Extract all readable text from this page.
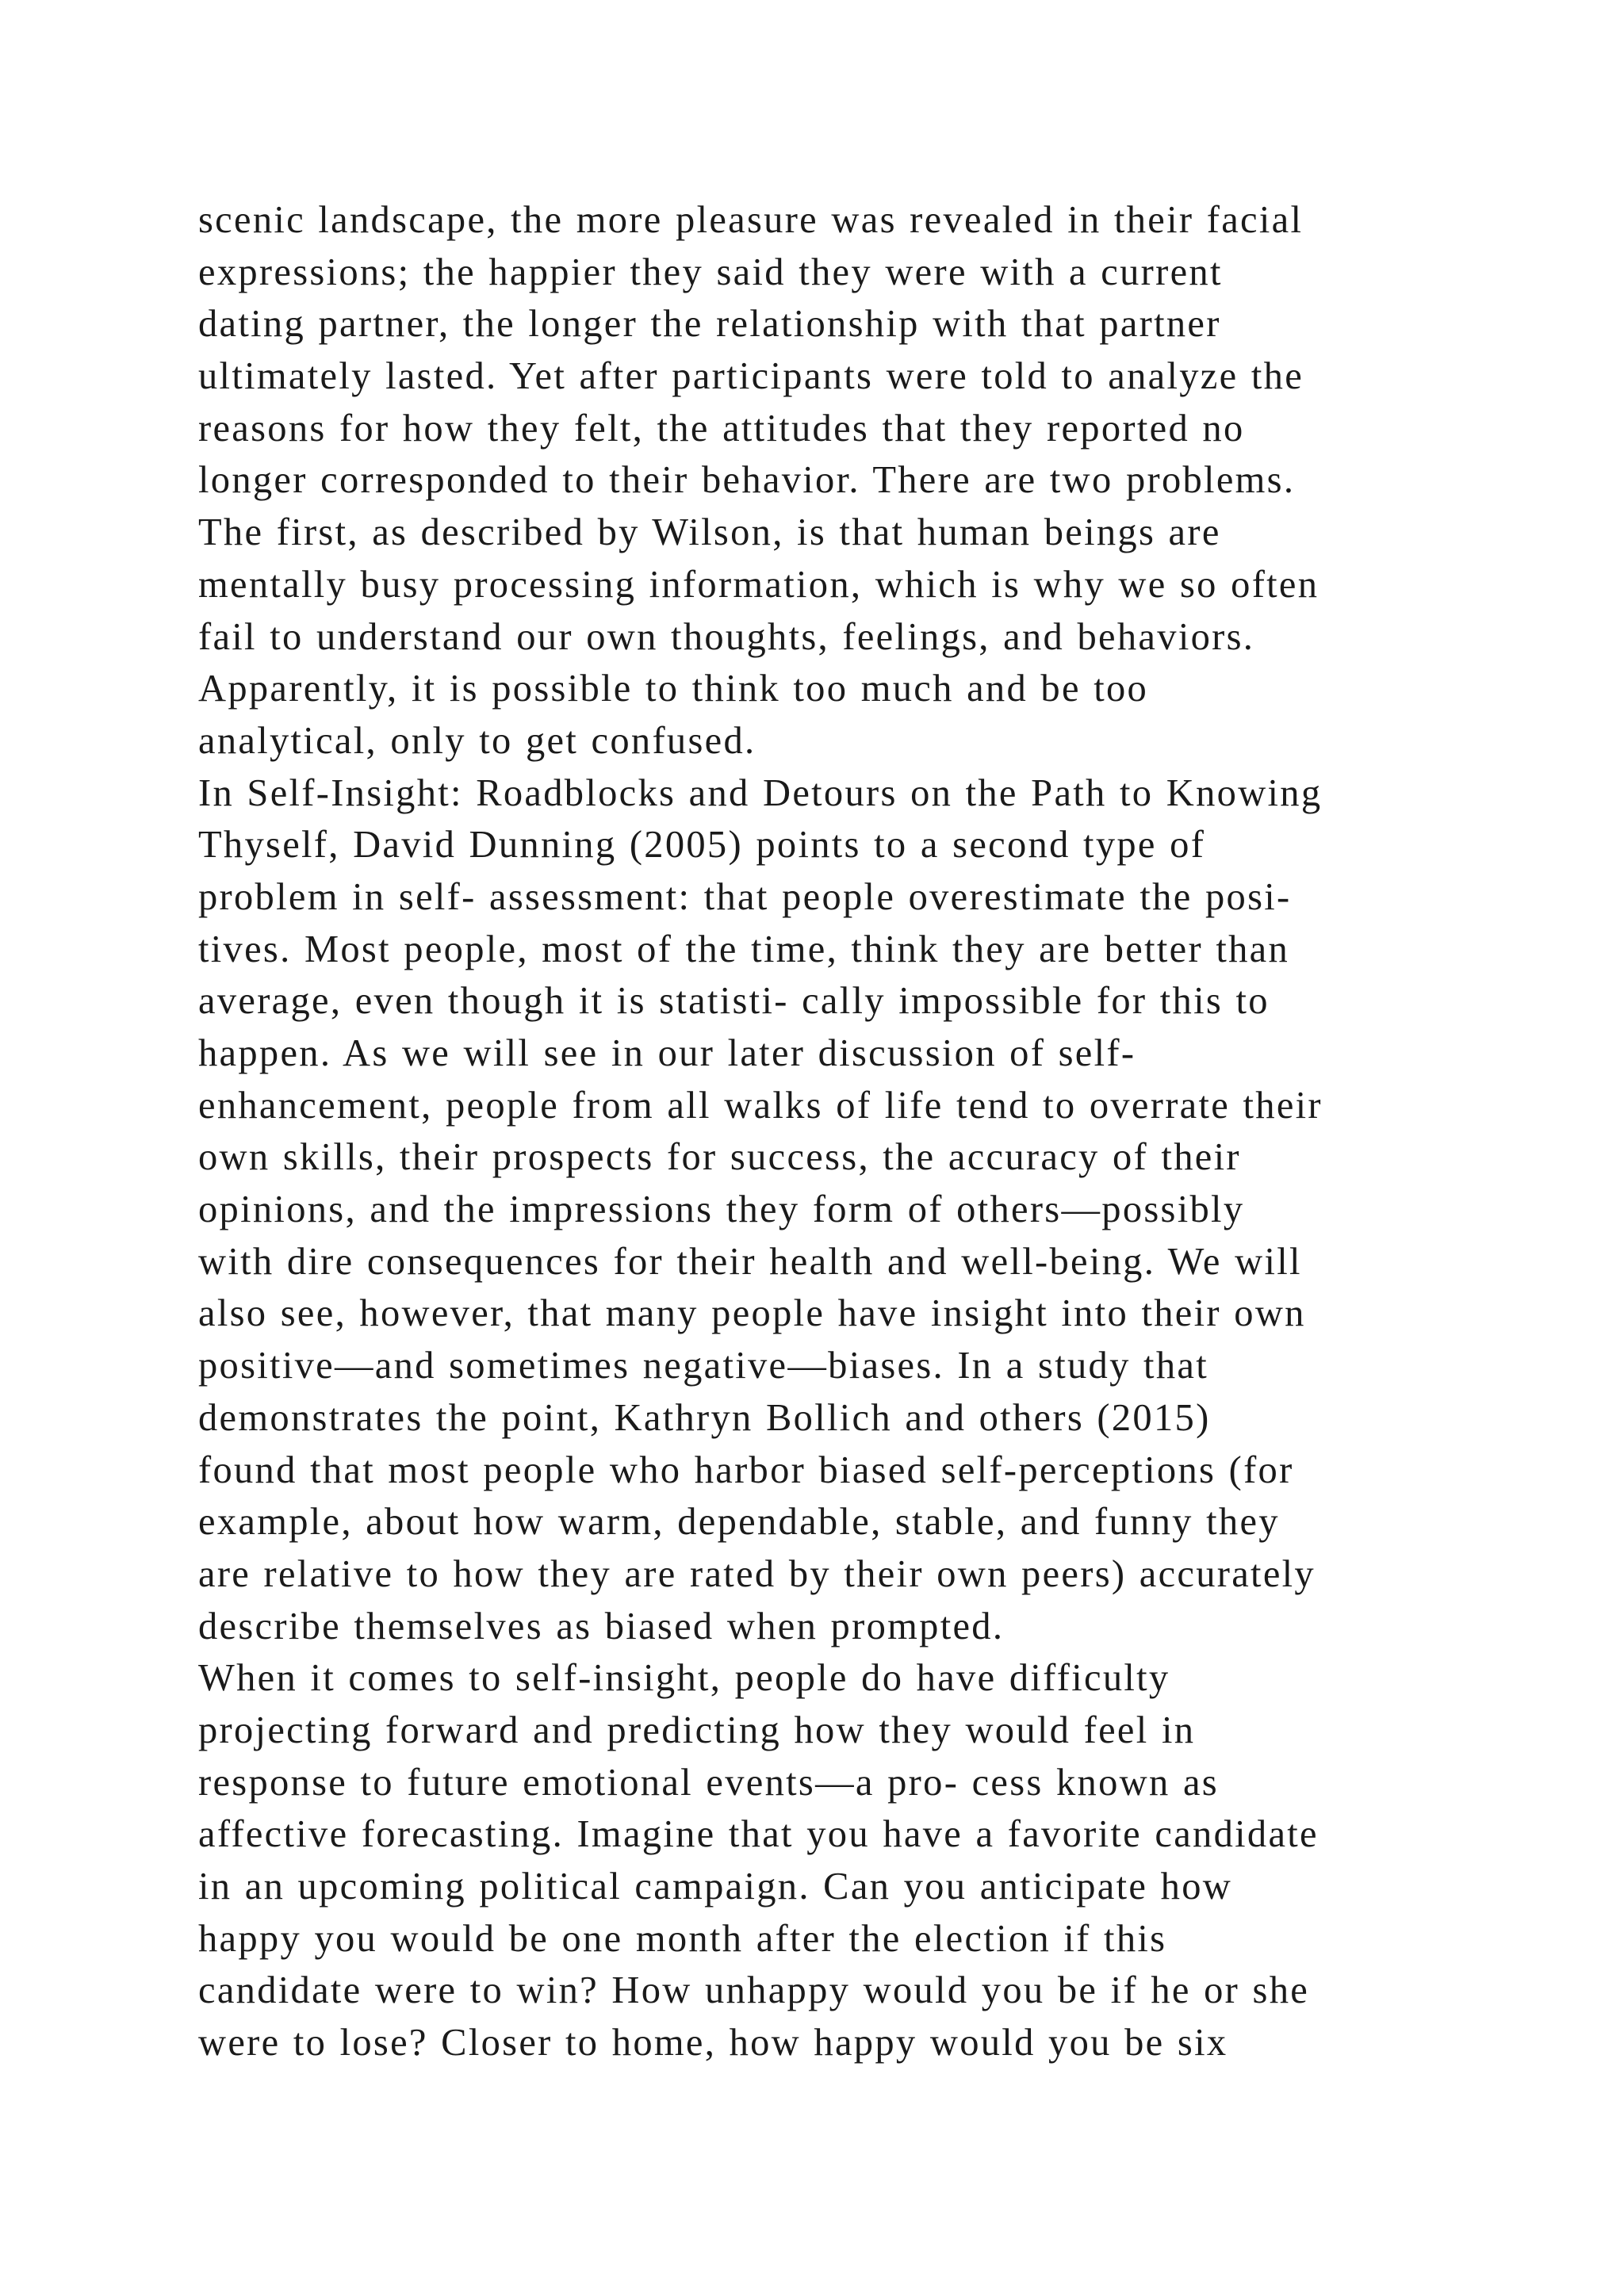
scenic landscape, the more pleasure was revealed in their facial
expressions; the happier they said they were with a current
dating partner, the longer the relationship with that partner
ultimately lasted. Yet after participants were told to analyze the
reasons for how they felt, the attitudes that they reported no
longer corresponded to their behavior. There are two problems.
The first, as described by Wilson, is that human beings are
mentally busy processing information, which is why we so often
fail to understand our own thoughts, feelings, and behaviors.
Apparently, it is possible to think too much and be too
analytical, only to get confused.
In Self-Insight: Roadblocks and Detours on the Path to Knowing
Thyself, David Dunning (2005) points to a second type of
problem in self- assessment: that people overestimate the posi-
tives. Most people, most of the time, think they are better than
average, even though it is statisti- cally impossible for this to
happen. As we will see in our later discussion of self-
enhancement, people from all walks of life tend to overrate their
own skills, their prospects for success, the accuracy of their
opinions, and the impressions they form of others—possibly
with dire consequences for their health and well-being. We will
also see, however, that many people have insight into their own
positive—and sometimes negative—biases. In a study that
demonstrates the point, Kathryn Bollich and others (2015)
found that most people who harbor biased self-perceptions (for
example, about how warm, dependable, stable, and funny they
are relative to how they are rated by their own peers) accurately
describe themselves as biased when prompted.
When it comes to self-insight, people do have difficulty
projecting forward and predicting how they would feel in
response to future emotional events—a pro- cess known as
affective forecasting. Imagine that you have a favorite candidate
in an upcoming political campaign. Can you anticipate how
happy you would be one month after the election if this
candidate were to win? How unhappy would you be if he or she
were to lose? Closer to home, how happy would you be six
